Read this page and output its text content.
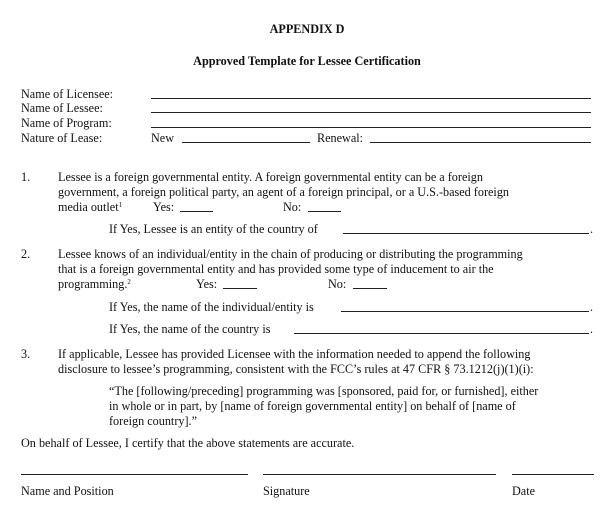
APPENDIX D
Approved Template for Lessee Certification
Name of Licensee:
Name of Lessee:
Name of Program:
Nature of Lease:	New	Renewal:
1. Lessee is a foreign governmental entity. A foreign governmental entity can be a foreign
government, a foreign political party, an agent of a foreign principal, or a U.S.-based foreign
media outlet$^1$	Yes:	No:
If Yes, Lessee is an entity of the country of	.
2. Lessee knows of an individual/entity in the chain of producing or distributing the programming
that is a foreign governmental entity and has provided some type of inducement to air the
programming.$^2$	Yes:	No:
If Yes, the name of the individual/entity is	.
If Yes, the name of the country is	.
3. If applicable, Lessee has provided Licensee with the information needed to append the following
disclosure to lessee’s programming, consistent with the FCC’s rules at 47 CFR § 73.1212(j)(1)(i):
“The [following/preceding] programming was [sponsored, paid for, or furnished], either
in whole or in part, by [name of foreign governmental entity] on behalf of [name of
foreign country].”
On behalf of Lessee, I certify that the above statements are accurate.
Name and Position	Signature	Date
